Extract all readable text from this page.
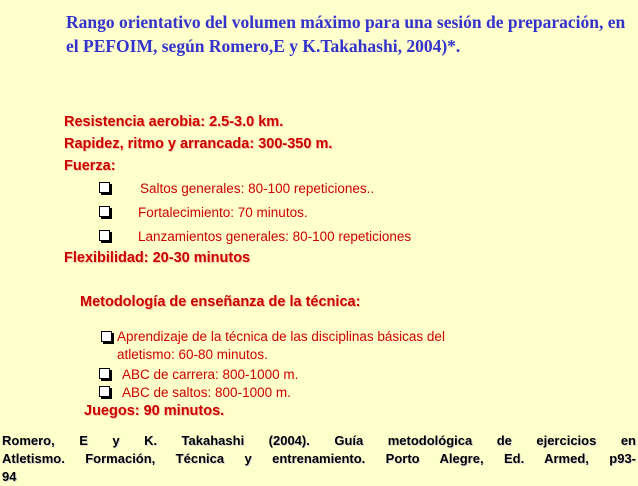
Rango orientativo del volumen máximo para una sesión de preparación, en el PEFOIM, según Romero,E y K.Takahashi, 2004)*.
Resistencia aerobia: 2.5-3.0 km.
Rapidez, ritmo y arrancada: 300-350 m.
Fuerza:
Saltos generales: 80-100 repeticiones..
Fortalecimiento: 70 minutos.
Lanzamientos generales: 80-100 repeticiones
Flexibilidad: 20-30 minutos
Metodología de enseñanza de la técnica:
Aprendizaje de la técnica de las disciplinas básicas del
atletismo: 60-80 minutos.
ABC de carrera: 800-1000 m.
ABC de saltos: 800-1000 m.
Juegos: 90 minutos.
Romero, E y K. Takahashi (2004). Guía metodológica de ejercicios en
Atletismo. Formación, Técnica y entrenamiento. Porto Alegre, Ed. Armed, p93-
94
